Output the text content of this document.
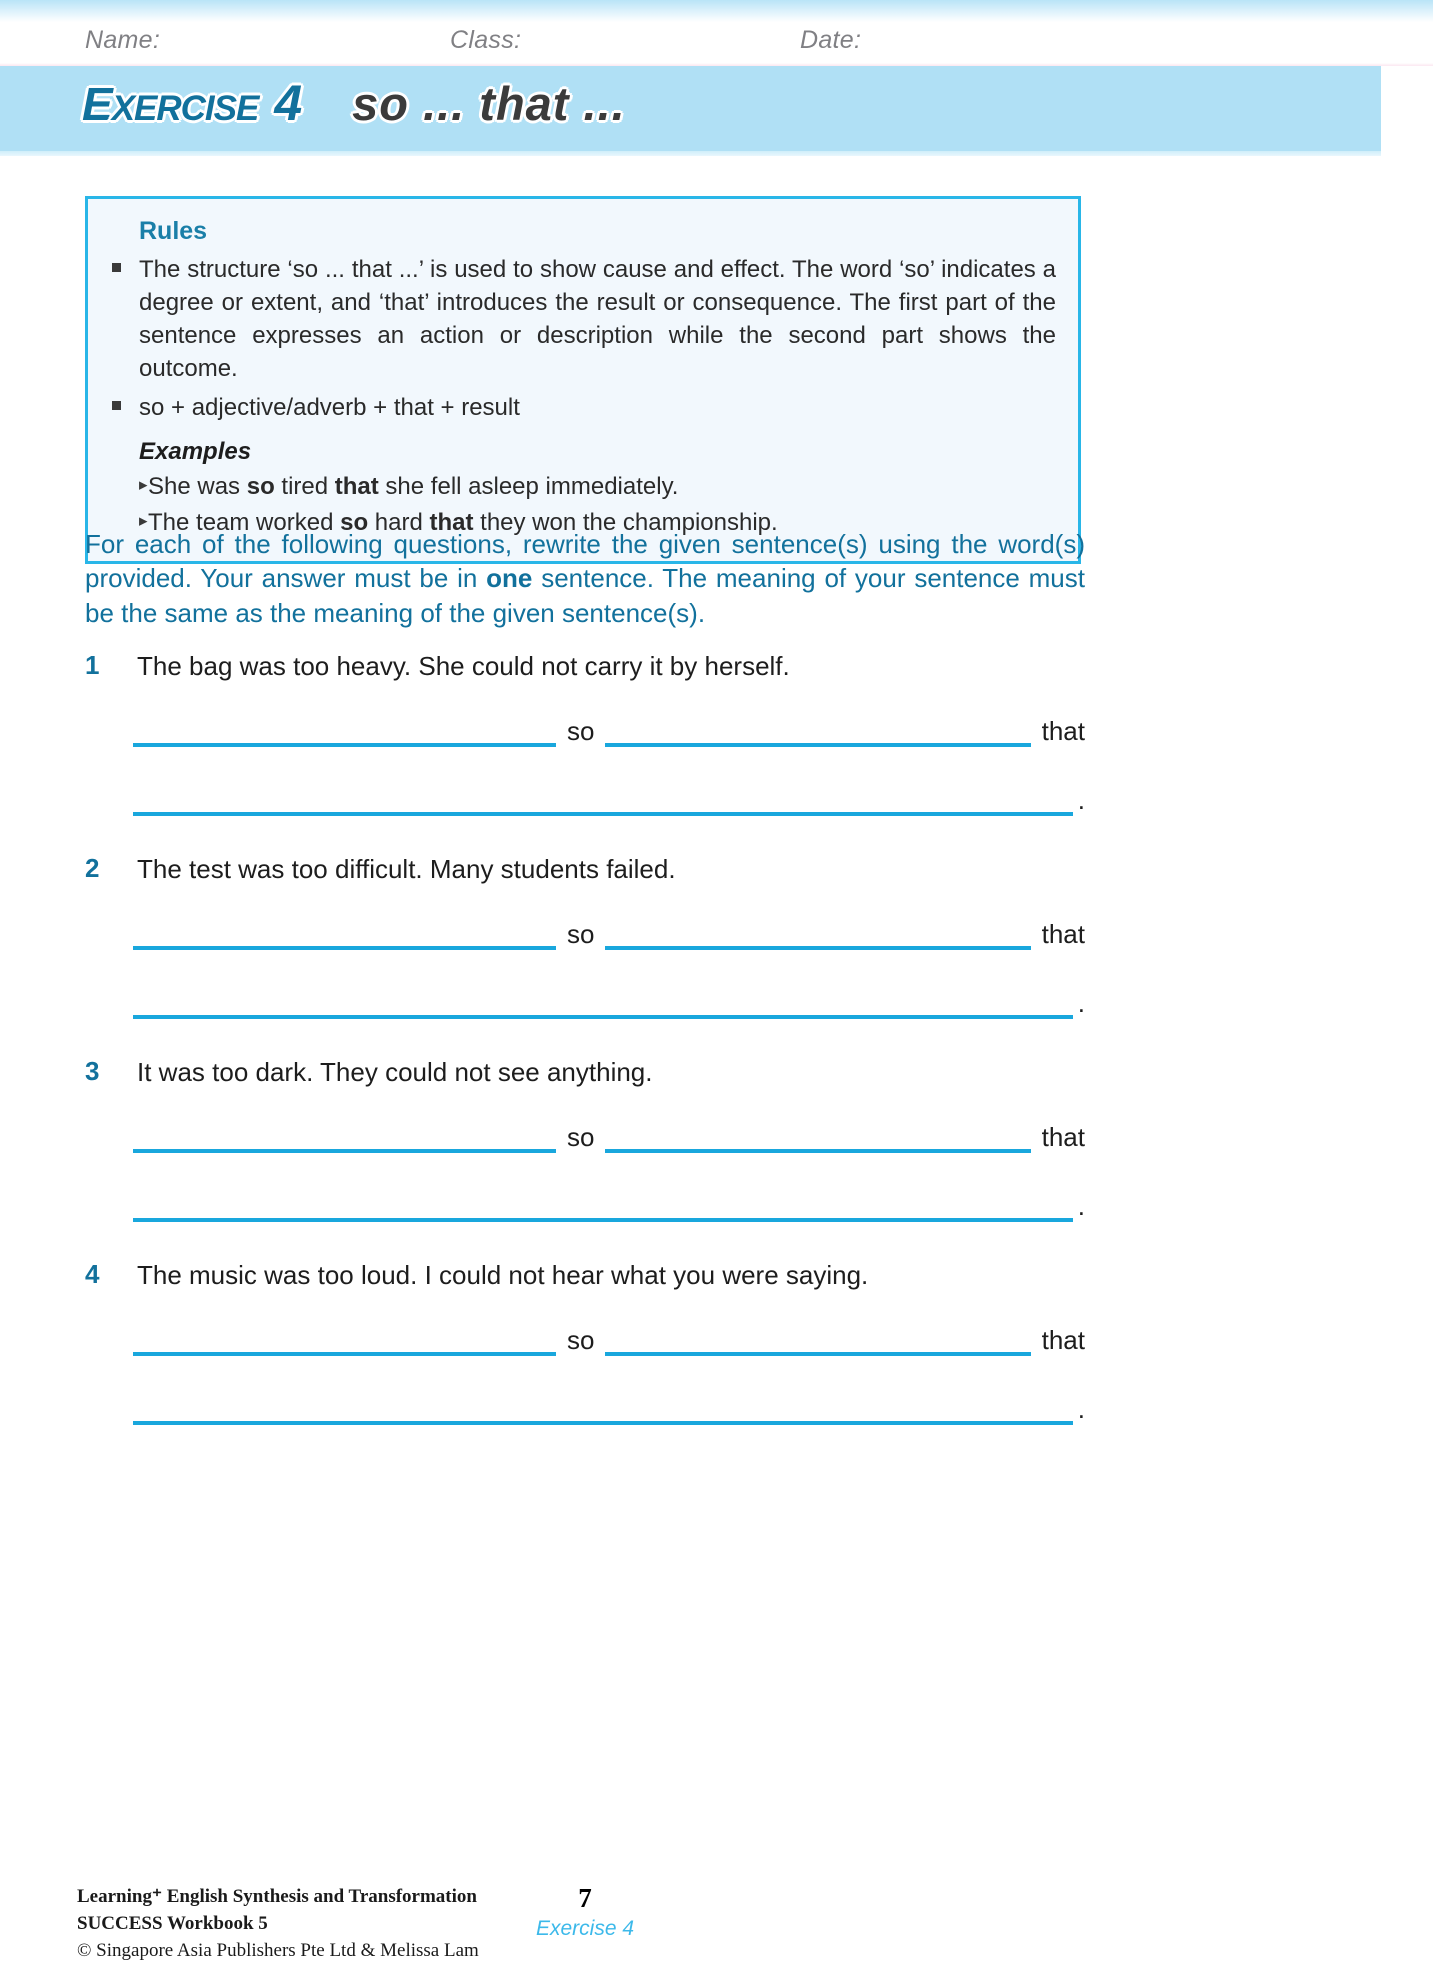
Name:	Class:	Date:
EXERCISE 4 so ... that ...
Rules
The structure ‘so ... that ...’ is used to show cause and effect. The word ‘so’ indicates a degree or extent, and ‘that’ introduces the result or consequence. The first part of the sentence expresses an action or description while the second part shows the outcome.
so + adjective/adverb + that + result
Examples
▸ She was so tired that she fell asleep immediately.
▸ The team worked so hard that they won the championship.
For each of the following questions, rewrite the given sentence(s) using the word(s) provided. Your answer must be in one sentence. The meaning of your sentence must be the same as the meaning of the given sentence(s).
1	The bag was too heavy. She could not carry it by herself.
so	that
.
2	The test was too difficult. Many students failed.
so	that
.
3	It was too dark. They could not see anything.
so	that
.
4	The music was too loud. I could not hear what you were saying.
so	that
.
Learning⁺ English Synthesis and Transformation
SUCCESS Workbook 5
© Singapore Asia Publishers Pte Ltd & Melissa Lam
7
Exercise 4
